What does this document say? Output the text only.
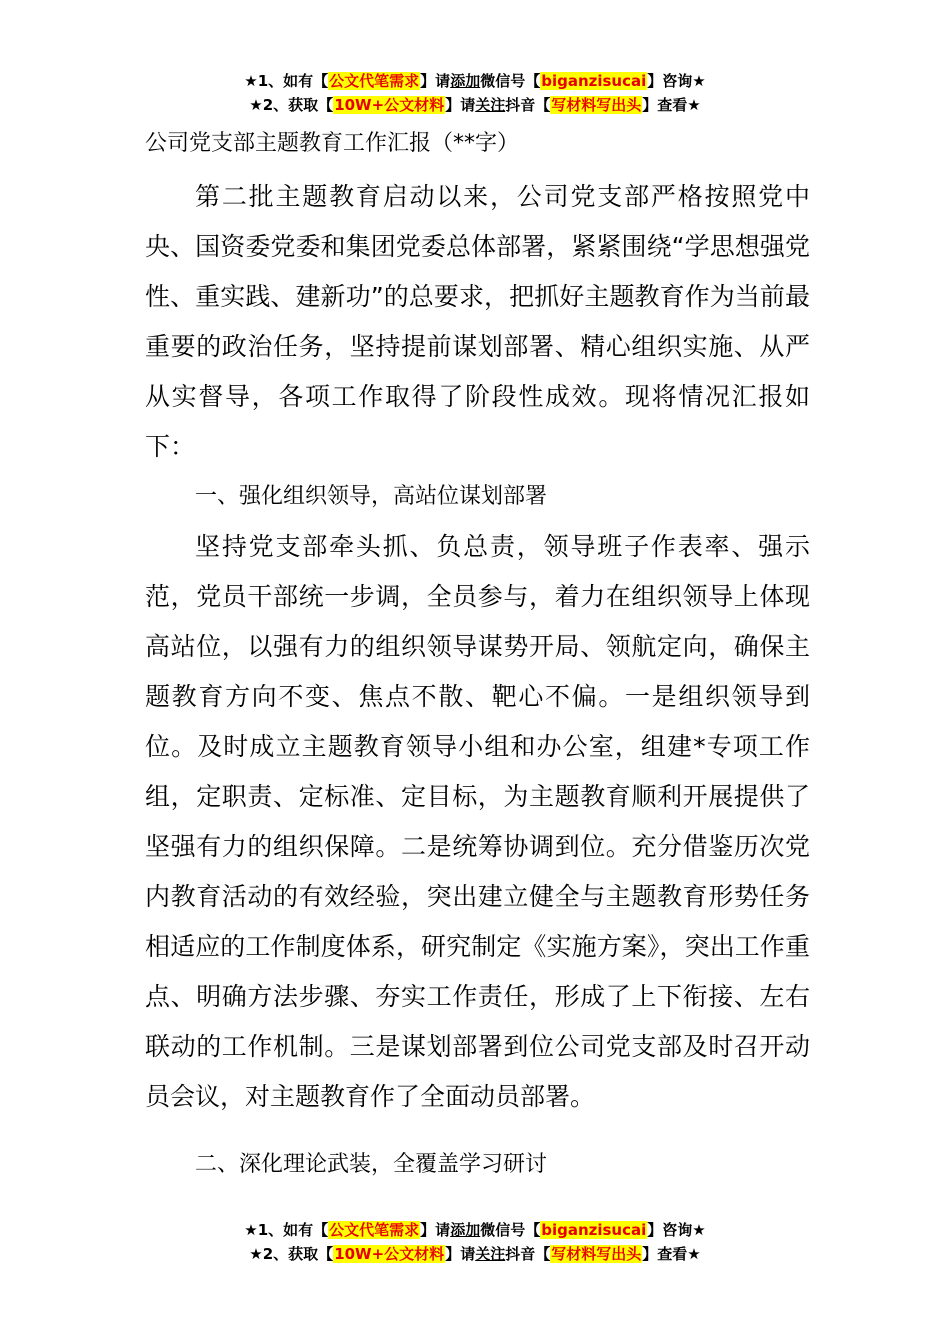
★1、如有【公文代笔需求】请添加微信号【biganzisucai】咨询★
★2、获取【10W+公文材料】请关注抖音【写材料写出头】查看★
公司党支部主题教育工作汇报（**字）

第二批主题教育启动以来，公司党支部严格按照党中央、国资委党委和集团党委总体部署，紧紧围绕“学思想强党性、重实践、建新功”的总要求，把抓好主题教育作为当前最重要的政治任务，坚持提前谋划部署、精心组织实施、从严从实督导，各项工作取得了阶段性成效。现将情况汇报如下：

一、强化组织领导，高站位谋划部署

坚持党支部牵头抓、负总责，领导班子作表率、强示范，党员干部统一步调，全员参与，着力在组织领导上体现高站位，以强有力的组织领导谋势开局、领航定向，确保主题教育方向不变、焦点不散、靶心不偏。一是组织领导到位。及时成立主题教育领导小组和办公室，组建*专项工作组，定职责、定标准、定目标，为主题教育顺利开展提供了坚强有力的组织保障。二是统筹协调到位。充分借鉴历次党内教育活动的有效经验，突出建立健全与主题教育形势任务相适应的工作制度体系，研究制定《实施方案》，突出工作重点、明确方法步骤、夯实工作责任，形成了上下衔接、左右联动的工作机制。三是谋划部署到位公司党支部及时召开动员会议，对主题教育作了全面动员部署。

二、深化理论武装，全覆盖学习研讨

★1、如有【公文代笔需求】请添加微信号【biganzisucai】咨询★
★2、获取【10W+公文材料】请关注抖音【写材料写出头】查看★
